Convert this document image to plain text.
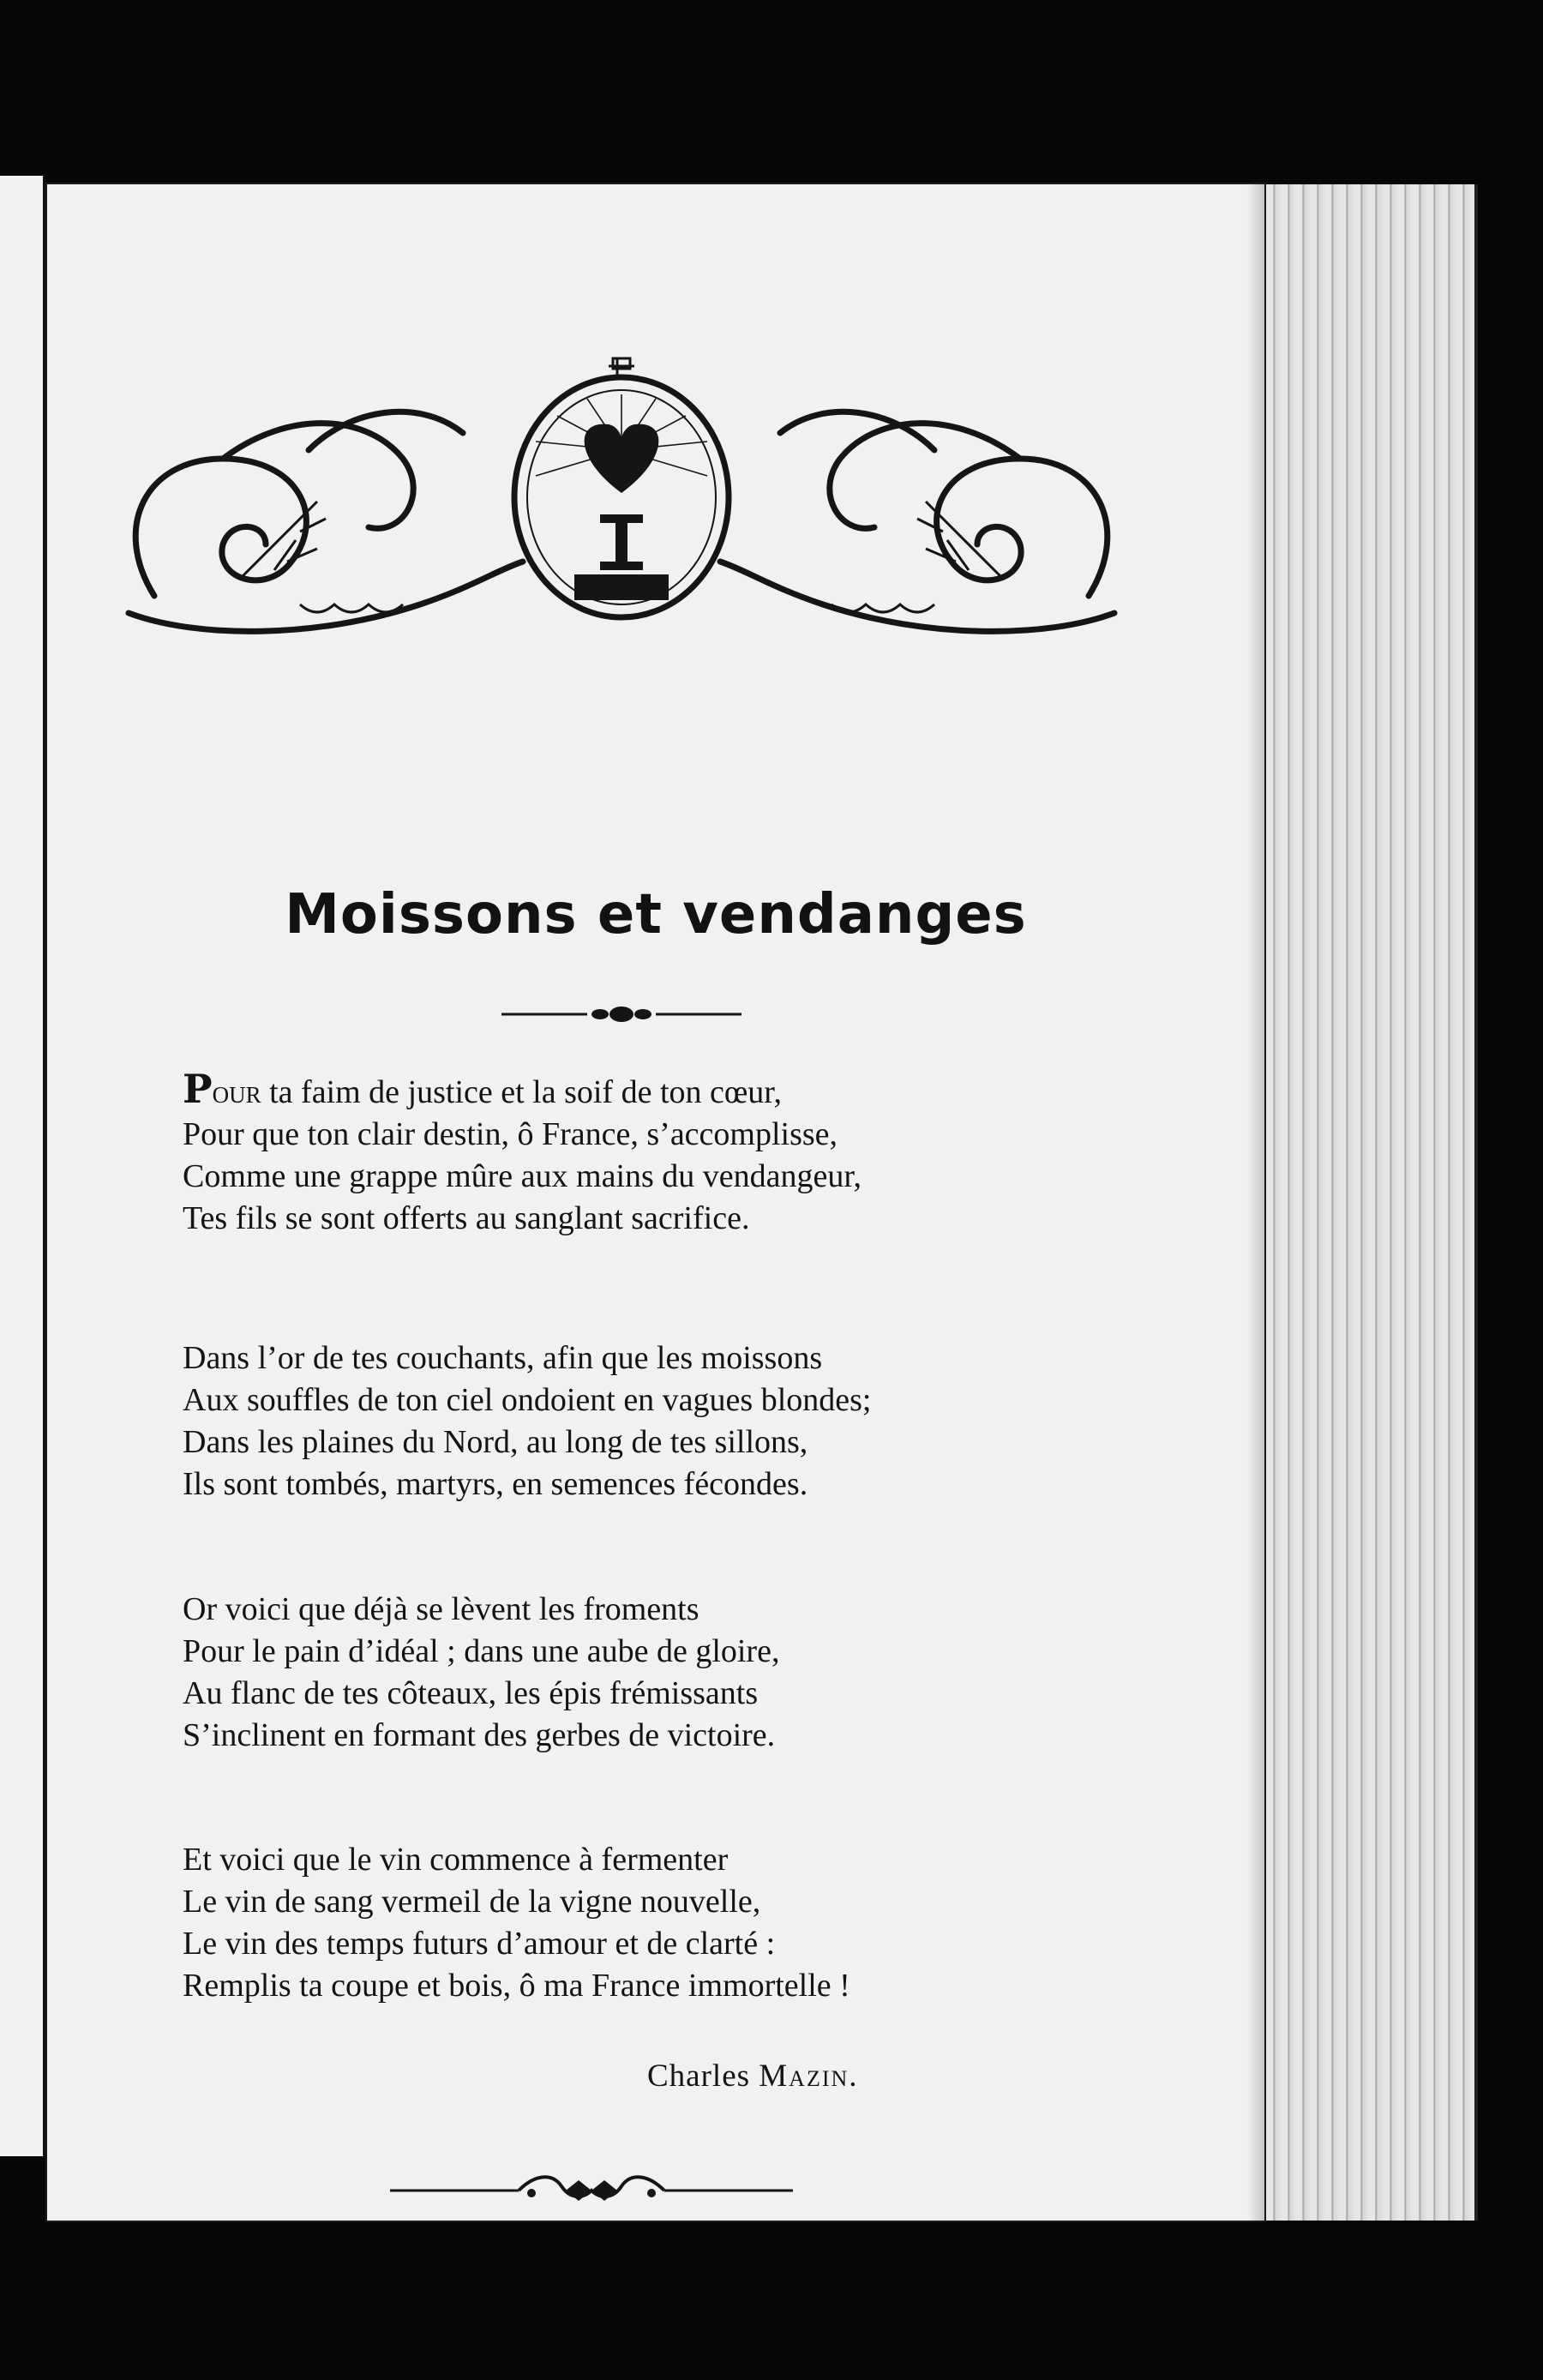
Moissons et vendanges
Pour ta faim de justice et la soif de ton cœur,
Pour que ton clair destin, ô France, s’accomplisse,
Comme une grappe mûre aux mains du vendangeur,
Tes fils se sont offerts au sanglant sacrifice.
Dans l’or de tes couchants, afin que les moissons
Aux souffles de ton ciel ondoient en vagues blondes;
Dans les plaines du Nord, au long de tes sillons,
Ils sont tombés, martyrs, en semences fécondes.
Or voici que déjà se lèvent les froments
Pour le pain d’idéal ; dans une aube de gloire,
Au flanc de tes côteaux, les épis frémissants
S’inclinent en formant des gerbes de victoire.
Et voici que le vin commence à fermenter
Le vin de sang vermeil de la vigne nouvelle,
Le vin des temps futurs d’amour et de clarté :
Remplis ta coupe et bois, ô ma France immortelle !
Charles Mazin.
